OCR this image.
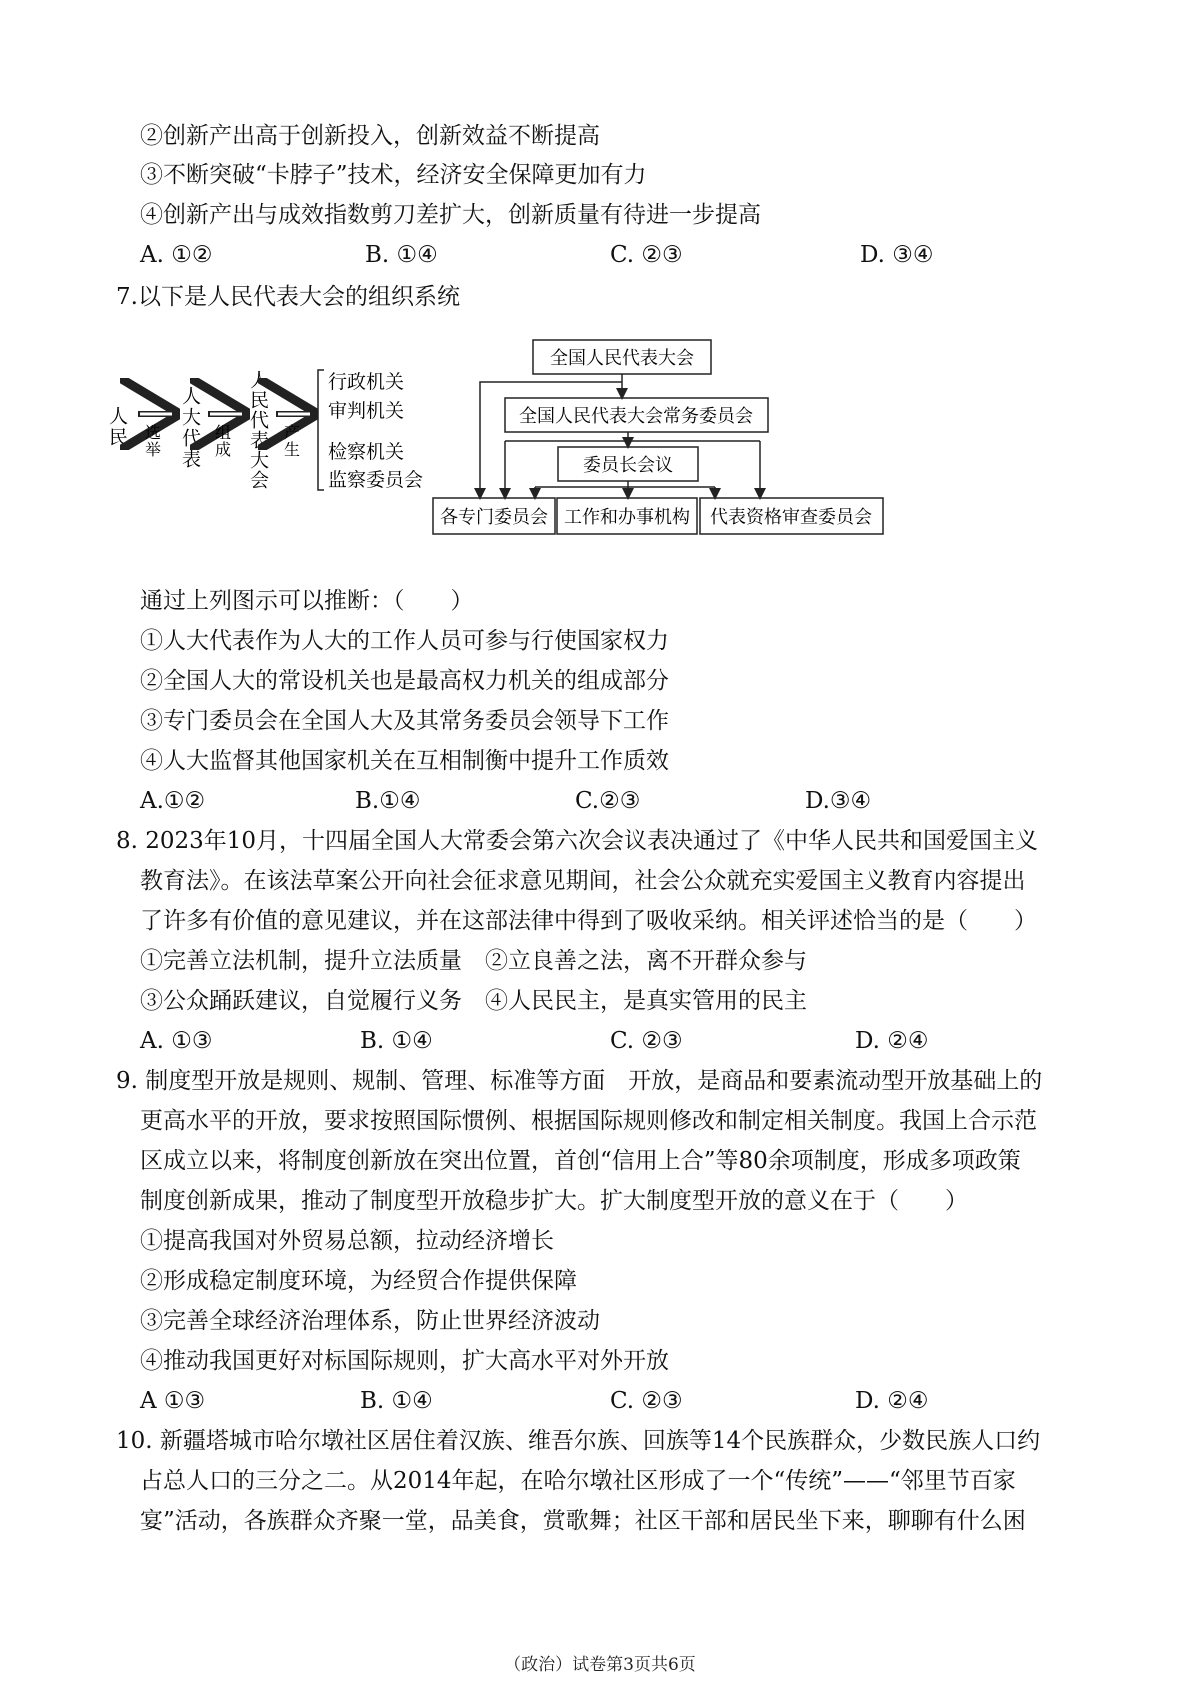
②创新产出高于创新投入，创新效益不断提高
③不断突破“卡脖子”技术，经济安全保障更加有力
④创新产出与成效指数剪刀差扩大，创新质量有待进一步提高
A. ①②	B. ①④	C. ②③	D. ③④
7.以下是人民代表大会的组织系统
人民 选举 人大代表 组成 人民代表大会 产生
行政机关
审判机关
检察机关
监察委员会
全国人民代表大会
全国人民代表大会常务委员会
委员长会议
各专门委员会 工作和办事机构 代表资格审查委员会
通过上列图示可以推断：（　　）
①人大代表作为人大的工作人员可参与行使国家权力
②全国人大的常设机关也是最高权力机关的组成部分
③专门委员会在全国人大及其常务委员会领导下工作
④人大监督其他国家机关在互相制衡中提升工作质效
A.①②	B.①④	C.②③	D.③④
8. 2023年10月，十四届全国人大常委会第六次会议表决通过了《中华人民共和国爱国主义
教育法》。在该法草案公开向社会征求意见期间，社会公众就充实爱国主义教育内容提出
了许多有价值的意见建议，并在这部法律中得到了吸收采纳。相关评述恰当的是（　　）
①完善立法机制，提升立法质量　②立良善之法，离不开群众参与
③公众踊跃建议，自觉履行义务　④人民民主，是真实管用的民主
A. ①③	B. ①④	C. ②③	D. ②④
9. 制度型开放是规则、规制、管理、标准等方面　开放，是商品和要素流动型开放基础上的
更高水平的开放，要求按照国际惯例、根据国际规则修改和制定相关制度。我国上合示范
区成立以来，将制度创新放在突出位置，首创“信用上合”等80余项制度，形成多项政策
制度创新成果，推动了制度型开放稳步扩大。扩大制度型开放的意义在于（　　）
①提高我国对外贸易总额，拉动经济增长
②形成稳定制度环境，为经贸合作提供保障
③完善全球经济治理体系，防止世界经济波动
④推动我国更好对标国际规则，扩大高水平对外开放
A ①③	B. ①④	C. ②③	D. ②④
10. 新疆塔城市哈尔墩社区居住着汉族、维吾尔族、回族等14个民族群众，少数民族人口约
占总人口的三分之二。从2014年起，在哈尔墩社区形成了一个“传统”——“邻里节百家
宴”活动，各族群众齐聚一堂，品美食，赏歌舞；社区干部和居民坐下来，聊聊有什么困
（政治）试卷第3页共6页
